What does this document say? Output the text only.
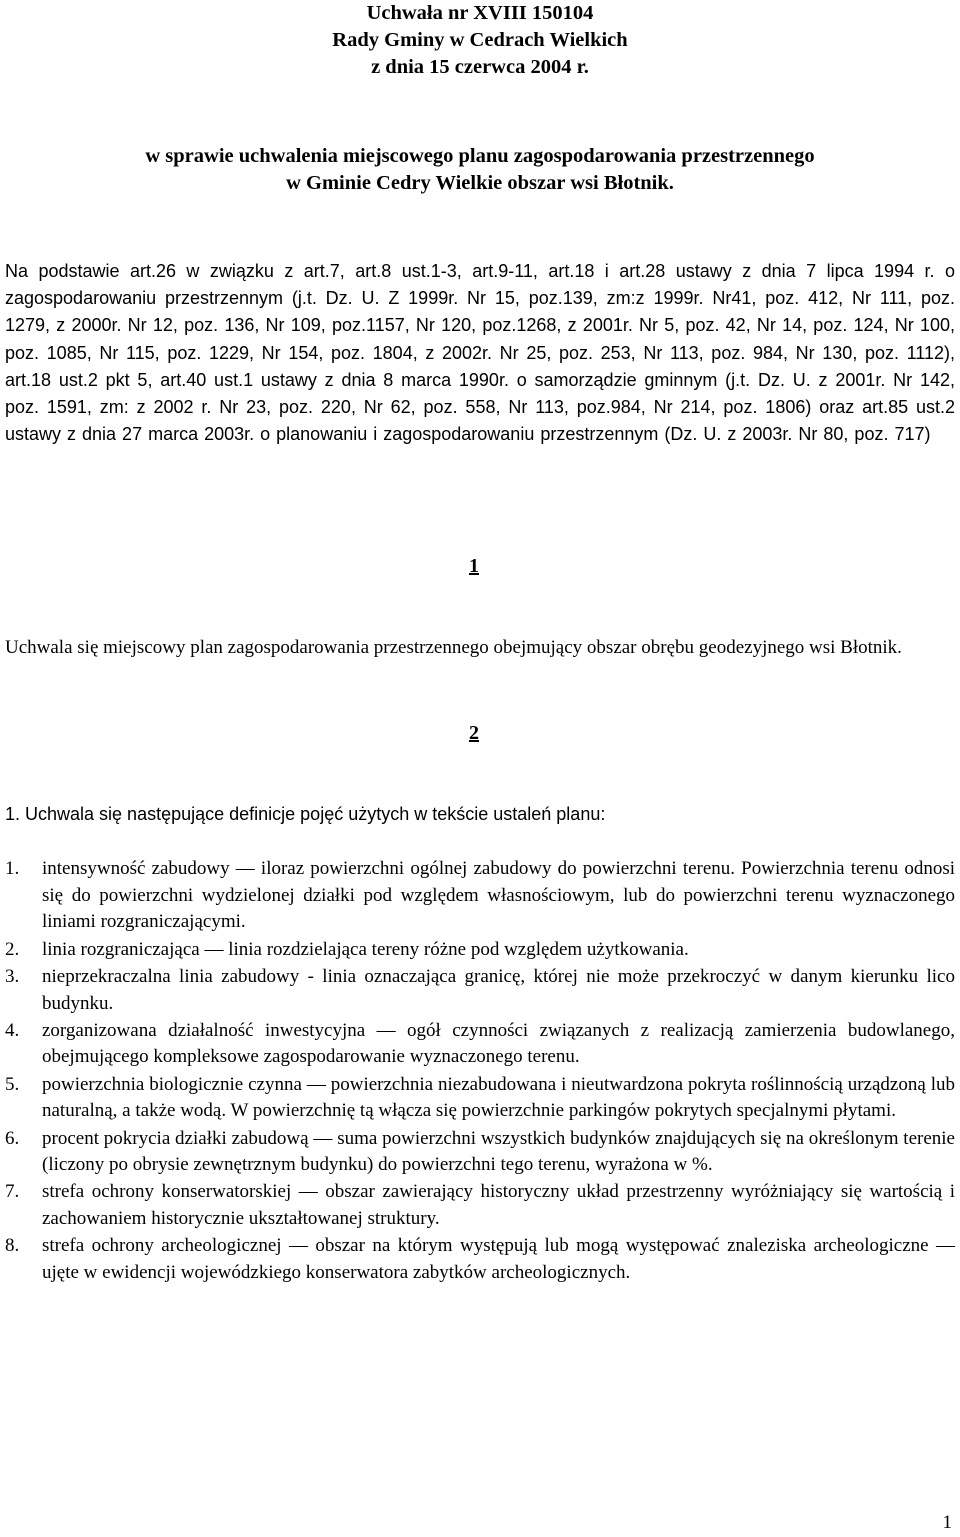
Uchwała nr XVIII 150104
Rady Gminy w Cedrach Wielkich
z dnia 15 czerwca 2004 r.
w sprawie uchwalenia miejscowego planu zagospodarowania przestrzennego
w Gminie Cedry Wielkie obszar wsi Błotnik.
Na podstawie art.26 w związku z art.7, art.8 ust.1-3, art.9-11, art.18 i art.28 ustawy z dnia 7 lipca 1994 r. o zagospodarowaniu przestrzennym (j.t. Dz. U. Z 1999r. Nr 15, poz.139, zm:z 1999r. Nr41, poz. 412, Nr 111, poz. 1279, z 2000r. Nr 12, poz. 136, Nr 109, poz.1157, Nr 120, poz.1268, z 2001r. Nr 5, poz. 42, Nr 14, poz. 124, Nr 100, poz. 1085, Nr 115, poz. 1229, Nr 154, poz. 1804, z 2002r. Nr 25, poz. 253, Nr 113, poz. 984, Nr 130, poz. 1112), art.18 ust.2 pkt 5, art.40 ust.1 ustawy z dnia 8 marca 1990r. o samorządzie gminnym (j.t. Dz. U. z 2001r. Nr 142, poz. 1591, zm: z 2002 r. Nr 23, poz. 220, Nr 62, poz. 558, Nr 113, poz.984, Nr 214, poz. 1806) oraz art.85 ust.2 ustawy z dnia 27 marca 2003r. o planowaniu i zagospodarowaniu przestrzennym (Dz. U. z 2003r. Nr 80, poz. 717)
1
Uchwala się miejscowy plan zagospodarowania przestrzennego obejmujący obszar obrębu geodezyjnego wsi Błotnik.
2
1. Uchwala się następujące definicje pojęć użytych w tekście ustaleń planu:
1. intensywność zabudowy — iloraz powierzchni ogólnej zabudowy do powierzchni terenu. Powierzchnia terenu odnosi się do powierzchni wydzielonej działki pod względem własnościowym, lub do powierzchni terenu wyznaczonego liniami rozgraniczającymi.
2. linia rozgraniczająca — linia rozdzielająca tereny różne pod względem użytkowania.
3. nieprzekraczalna linia zabudowy - linia oznaczająca granicę, której nie może przekroczyć w danym kierunku lico budynku.
4. zorganizowana działalność inwestycyjna — ogół czynności związanych z realizacją zamierzenia budowlanego, obejmującego kompleksowe zagospodarowanie wyznaczonego terenu.
5. powierzchnia biologicznie czynna — powierzchnia niezabudowana i nieutwardzona pokryta roślinnością urządzoną lub naturalną, a także wodą. W powierzchnię tą włącza się powierzchnie parkingów pokrytych specjalnymi płytami.
6. procent pokrycia działki zabudową — suma powierzchni wszystkich budynków znajdujących się na określonym terenie (liczony po obrysie zewnętrznym budynku) do powierzchni tego terenu, wyrażona w %.
7. strefa ochrony konserwatorskiej — obszar zawierający historyczny układ przestrzenny wyróżniający się wartością i zachowaniem historycznie ukształtowanej struktury.
8. strefa ochrony archeologicznej — obszar na którym występują lub mogą występować znaleziska archeologiczne — ujęte w ewidencji wojewódzkiego konserwatora zabytków archeologicznych.
1
